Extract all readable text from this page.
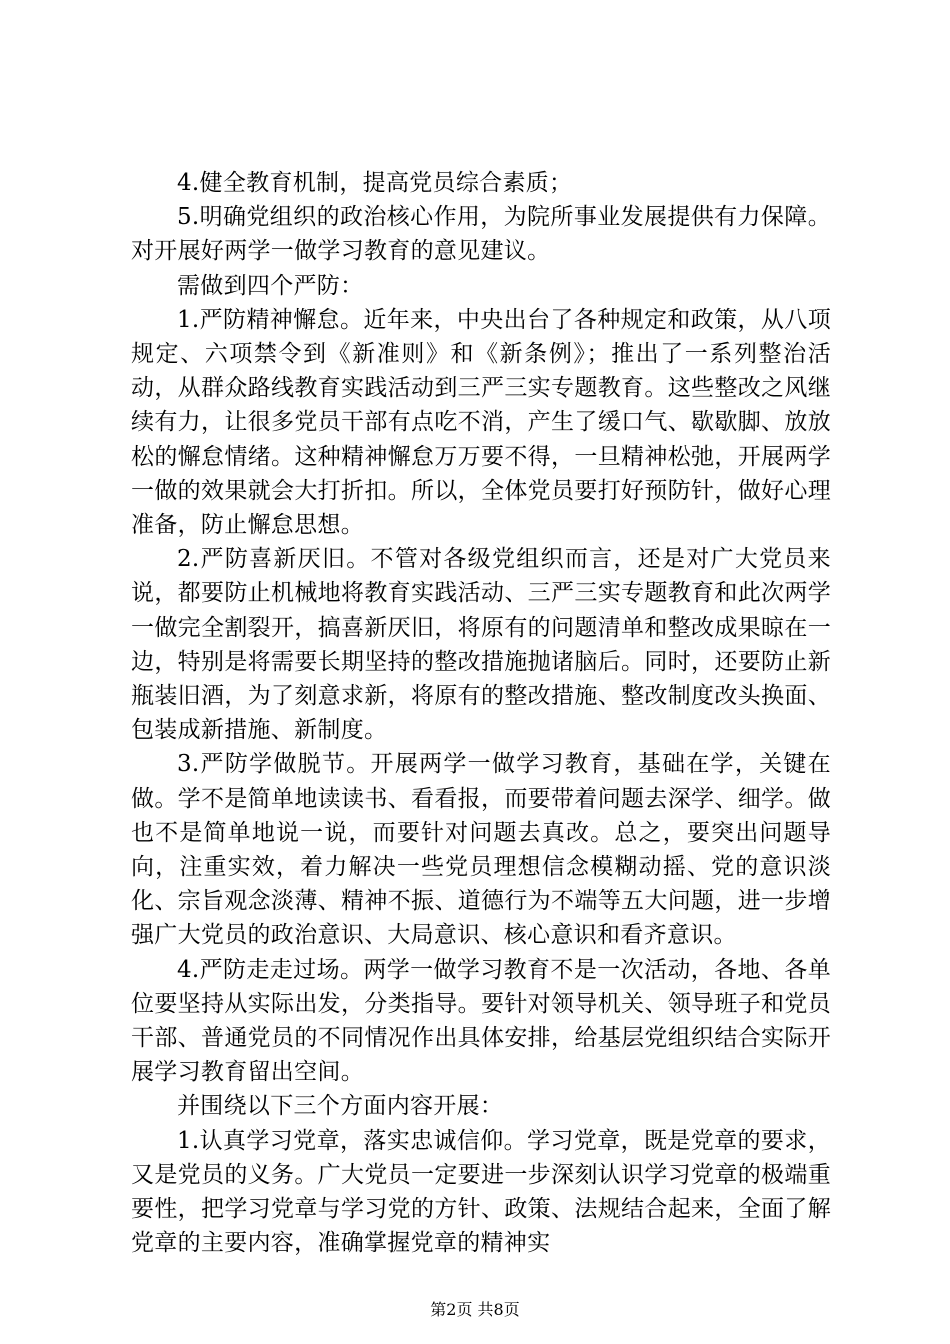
4.健全教育机制，提高党员综合素质；

5.明确党组织的政治核心作用，为院所事业发展提供有力保障。对开展好两学一做学习教育的意见建议。

需做到四个严防：

1.严防精神懈怠。近年来，中央出台了各种规定和政策，从八项规定、六项禁令到《新准则》和《新条例》；推出了一系列整治活动，从群众路线教育实践活动到三严三实专题教育。这些整改之风继续有力，让很多党员干部有点吃不消，产生了缓口气、歇歇脚、放放松的懈怠情绪。这种精神懈怠万万要不得，一旦精神松弛，开展两学一做的效果就会大打折扣。所以，全体党员要打好预防针，做好心理准备，防止懈怠思想。

2.严防喜新厌旧。不管对各级党组织而言，还是对广大党员来说，都要防止机械地将教育实践活动、三严三实专题教育和此次两学一做完全割裂开，搞喜新厌旧，将原有的问题清单和整改成果晾在一边，特别是将需要长期坚持的整改措施抛诸脑后。同时，还要防止新瓶装旧酒，为了刻意求新，将原有的整改措施、整改制度改头换面、包装成新措施、新制度。

3.严防学做脱节。开展两学一做学习教育，基础在学，关键在做。学不是简单地读读书、看看报，而要带着问题去深学、细学。做也不是简单地说一说，而要针对问题去真改。总之，要突出问题导向，注重实效，着力解决一些党员理想信念模糊动摇、党的意识淡化、宗旨观念淡薄、精神不振、道德行为不端等五大问题，进一步增强广大党员的政治意识、大局意识、核心意识和看齐意识。

4.严防走走过场。两学一做学习教育不是一次活动，各地、各单位要坚持从实际出发，分类指导。要针对领导机关、领导班子和党员干部、普通党员的不同情况作出具体安排，给基层党组织结合实际开展学习教育留出空间。

并围绕以下三个方面内容开展：

1.认真学习党章，落实忠诚信仰。学习党章，既是党章的要求，又是党员的义务。广大党员一定要进一步深刻认识学习党章的极端重要性，把学习党章与学习党的方针、政策、法规结合起来，全面了解党章的主要内容，准确掌握党章的精神实

第2页 共8页
